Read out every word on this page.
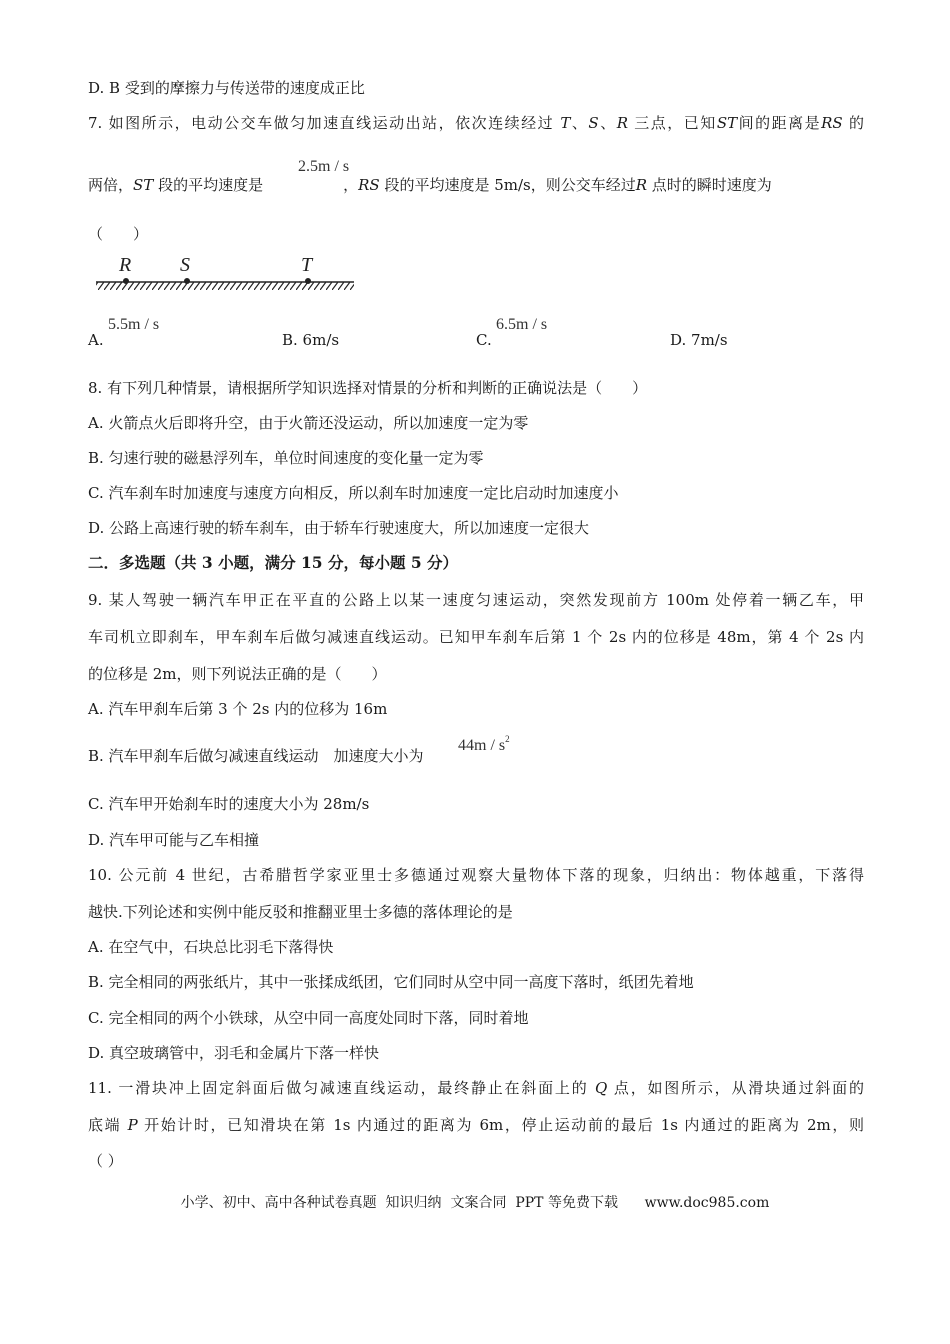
D. B 受到的摩擦力与传送带的速度成正比
7. 如图所示，电动公交车做匀加速直线运动出站，依次连续经过 T、S、R 三点，已知ST间的距离是RS 的
两倍，ST 段的平均速度是	，RS 段的平均速度是 5m/s，则公交车经过R 点时的瞬时速度为
2.5m / s
（　　）
R S	T
A.
5.5m / s
B. 6m/s	C.
6.5m / s
D. 7m/s
8. 有下列几种情景，请根据所学知识选择对情景的分析和判断的正确说法是（　　）
A. 火箭点火后即将升空，由于火箭还没运动，所以加速度一定为零
B. 匀速行驶的磁悬浮列车，单位时间速度的变化量一定为零
C. 汽车刹车时加速度与速度方向相反，所以刹车时加速度一定比启动时加速度小
D. 公路上高速行驶的轿车刹车，由于轿车行驶速度大，所以加速度一定很大
二．多选题（共 3 小题，满分 15 分，每小题 5 分）
9. 某人驾驶一辆汽车甲正在平直的公路上以某一速度匀速运动，突然发现前方 100m 处停着一辆乙车，甲
车司机立即刹车，甲车刹车后做匀减速直线运动。已知甲车刹车后第 1 个 2s 内的位移是 48m，第 4 个 2s 内
的位移是 2m，则下列说法正确的是（　　）
A. 汽车甲刹车后第 3 个 2s 内的位移为 16m
B. 汽车甲刹车后做匀减速直线运动　加速度大小为
$44m / s^2$
C. 汽车甲开始刹车时的速度大小为 28m/s
D. 汽车甲可能与乙车相撞
10. 公元前 4 世纪，古希腊哲学家亚里士多德通过观察大量物体下落的现象，归纳出：物体越重，下落得
越快.下列论述和实例中能反驳和推翻亚里士多德的落体理论的是
A. 在空气中，石块总比羽毛下落得快
B. 完全相同的两张纸片，其中一张揉成纸团，它们同时从空中同一高度下落时，纸团先着地
C. 完全相同的两个小铁球，从空中同一高度处同时下落，同时着地
D. 真空玻璃管中，羽毛和金属片下落一样快
11. 一滑块冲上固定斜面后做匀减速直线运动，最终静止在斜面上的 Q 点，如图所示，从滑块通过斜面的
底端 P 开始计时，已知滑块在第 1s 内通过的距离为 6m，停止运动前的最后 1s 内通过的距离为 2m，则
（ ）
小学、初中、高中各种试卷真题  知识归纳  文案合同  PPT 等免费下载      www.doc985.com
